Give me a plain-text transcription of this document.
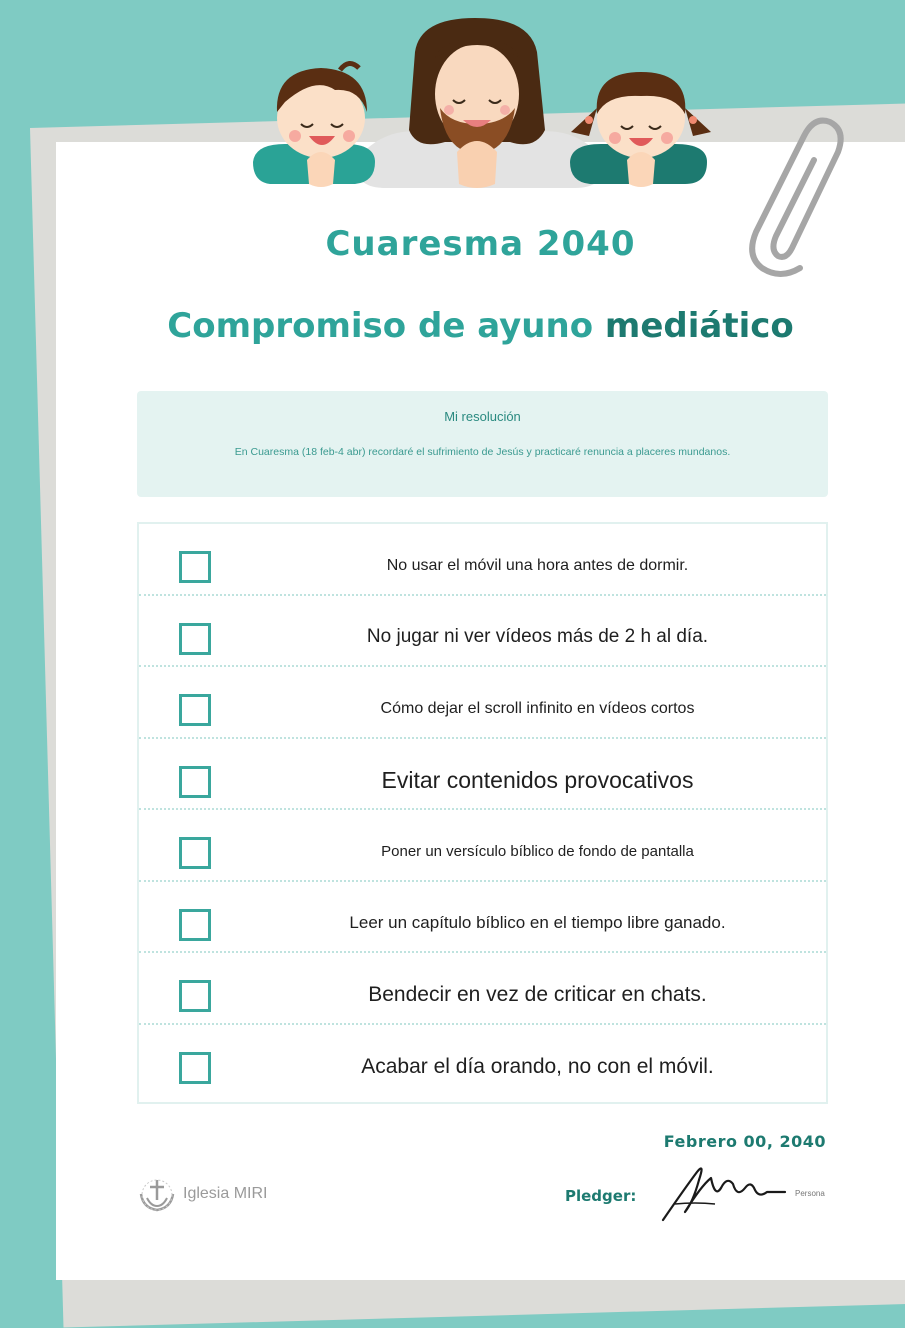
Cuaresma 2040
Compromiso de ayuno mediático
Mi resolución
En Cuaresma (18 feb-4 abr) recordaré el sufrimiento de Jesús y practicaré renuncia a placeres mundanos.
No usar el móvil una hora antes de dormir.
No jugar ni ver vídeos más de 2 h al día.
Cómo dejar el scroll infinito en vídeos cortos
Evitar contenidos provocativos
Poner un versículo bíblico de fondo de pantalla
Leer un capítulo bíblico en el tiempo libre ganado.
Bendecir en vez de criticar en chats.
Acabar el día orando, no con el móvil.
Febrero 00, 2040
Iglesia MIRI	Pledger:	Persona
